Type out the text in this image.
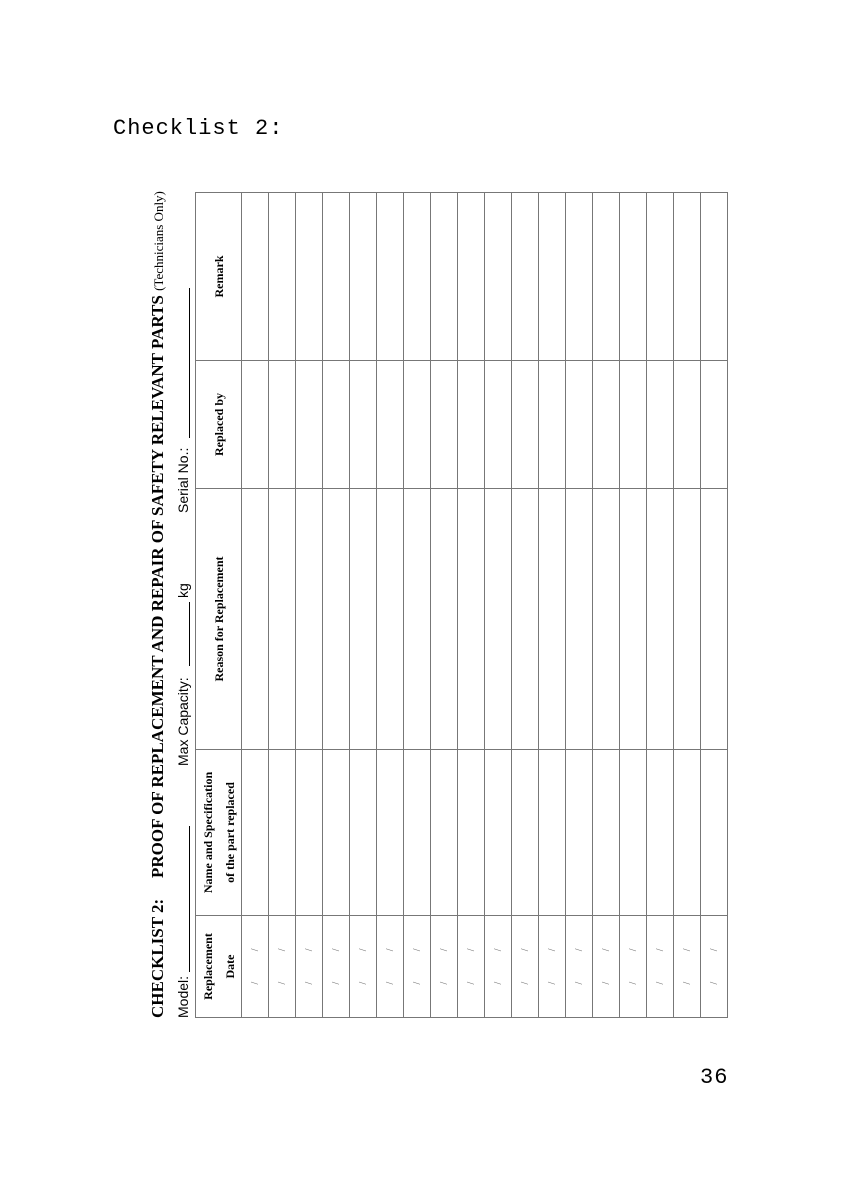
Checklist 2:
CHECKLIST 2:PROOF OF REPLACEMENT AND REPAIR OF SAFETY RELEVANT PARTS (Technicians Only)
Model:
Max Capacity:
kg
Serial No.:
Replacement Date	Name and Specification of the part replaced	Reason for Replacement	Replaced by	Remark
/ /				
/ /				
/ /				
/ /				
/ /				
/ /				
/ /				
/ /				
/ /				
/ /				
/ /				
/ /				
/ /				
/ /				
/ /				
/ /				
/ /				
/ /				
36
